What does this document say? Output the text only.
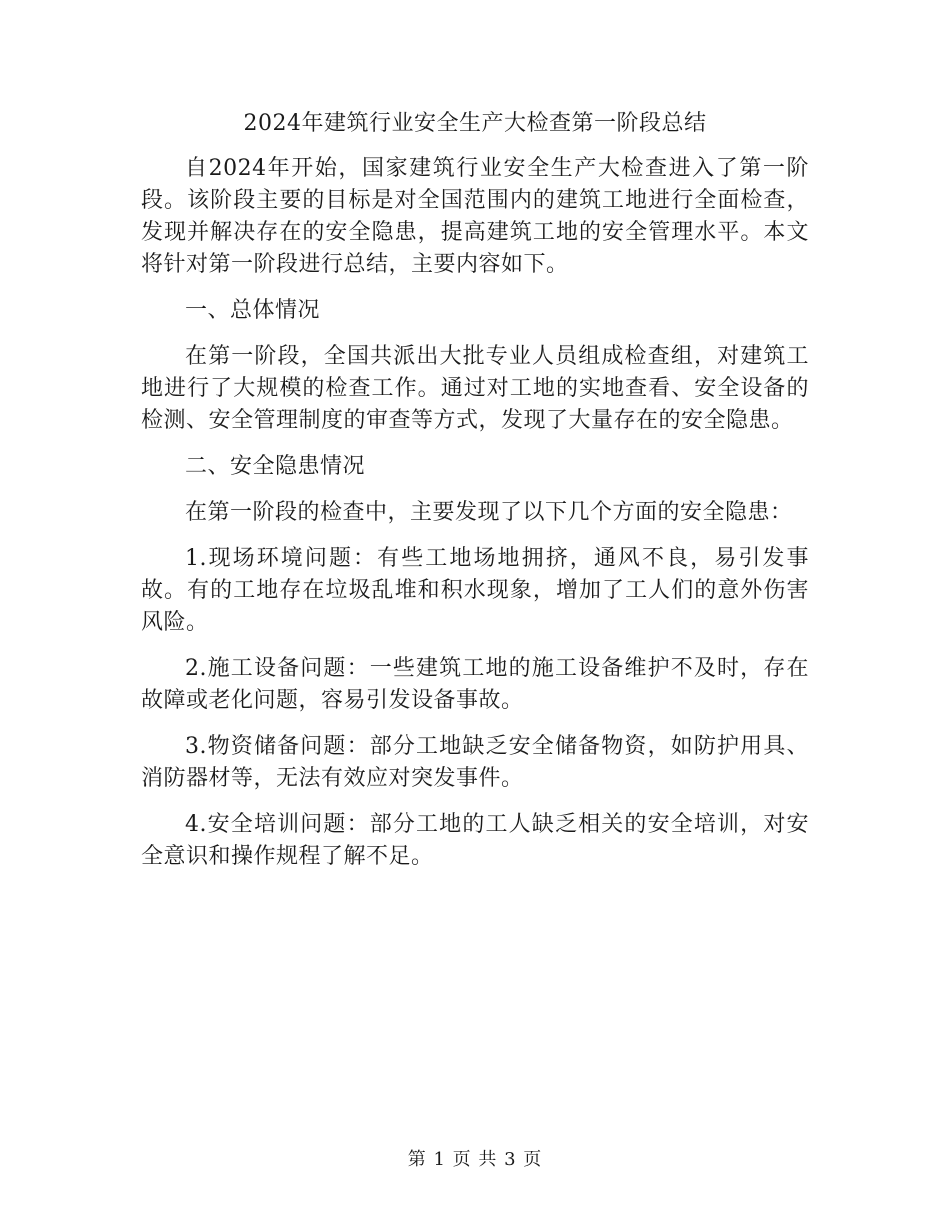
2024年建筑行业安全生产大检查第一阶段总结

自2024年开始，国家建筑行业安全生产大检查进入了第一阶段。该阶段主要的目标是对全国范围内的建筑工地进行全面检查，发现并解决存在的安全隐患，提高建筑工地的安全管理水平。本文将针对第一阶段进行总结，主要内容如下。

一、总体情况

在第一阶段，全国共派出大批专业人员组成检查组，对建筑工地进行了大规模的检查工作。通过对工地的实地查看、安全设备的检测、安全管理制度的审查等方式，发现了大量存在的安全隐患。

二、安全隐患情况

在第一阶段的检查中，主要发现了以下几个方面的安全隐患：

1.现场环境问题：有些工地场地拥挤，通风不良，易引发事故。有的工地存在垃圾乱堆和积水现象，增加了工人们的意外伤害风险。

2.施工设备问题：一些建筑工地的施工设备维护不及时，存在故障或老化问题，容易引发设备事故。

3.物资储备问题：部分工地缺乏安全储备物资，如防护用具、消防器材等，无法有效应对突发事件。

4.安全培训问题：部分工地的工人缺乏相关的安全培训，对安全意识和操作规程了解不足。

第 1 页 共 3 页
